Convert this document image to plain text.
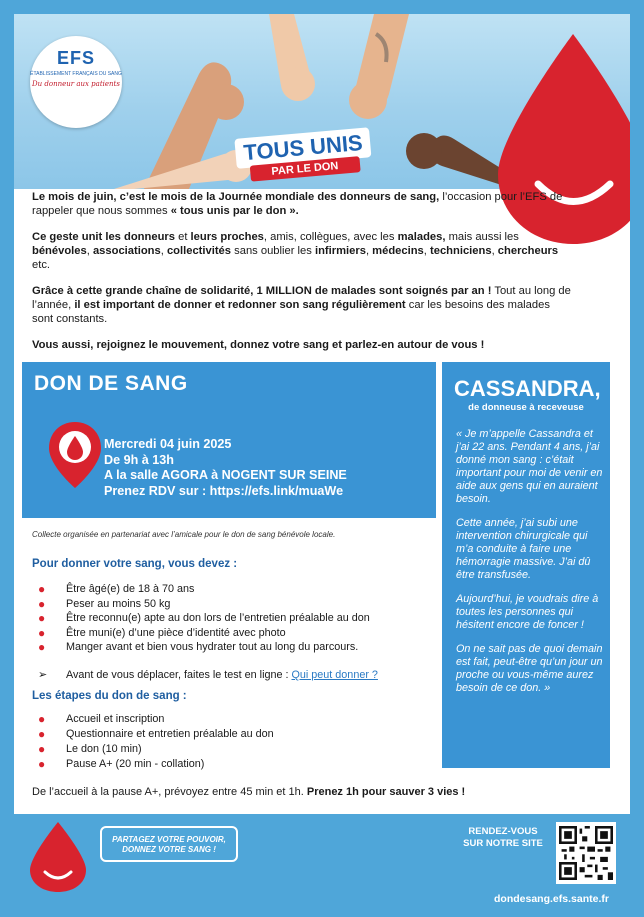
EFS
ÉTABLISSEMENT FRANÇAIS DU SANG
Du donneur aux patients
TOUS UNIS
PAR LE DON

Le mois de juin, c’est le mois de la Journée mondiale des donneurs de sang, l’occasion pour l’EFS de rappeler que nous sommes « tous unis par le don ».

Ce geste unit les donneurs et leurs proches, amis, collègues, avec les malades, mais aussi les bénévoles, associations, collectivités sans oublier les infirmiers, médecins, techniciens, chercheurs etc.

Grâce à cette grande chaîne de solidarité, 1 MILLION de malades sont soignés par an ! Tout au long de l’année, il est important de donner et redonner son sang régulièrement car les besoins des malades sont constants.

Vous aussi, rejoignez le mouvement, donnez votre sang et parlez-en autour de vous !

DON DE SANG
Mercredi 04 juin 2025
De 9h à 13h
A la salle AGORA à NOGENT SUR SEINE
Prenez RDV sur : https://efs.link/muaWe
Collecte organisée en partenariat avec l’amicale pour le don de sang bénévole locale.
CASSANDRA,
de donneuse à receveuse

« Je m’appelle Cassandra et j’ai 22 ans. Pendant 4 ans, j’ai donné mon sang : c’était important pour moi de venir en aide aux gens qui en auraient besoin.

Cette année, j’ai subi une intervention chirurgicale qui m’a conduite à faire une hémorragie massive. J’ai dû être transfusée.

Aujourd’hui, je voudrais dire à toutes les personnes qui hésitent encore de foncer !

On ne sait pas de quoi demain est fait, peut-être qu’un jour un proche ou vous-même aurez besoin de ce don. »

Pour donner votre sang, vous devez :
● Être âgé(e) de 18 à 70 ans
● Peser au moins 50 kg
● Être reconnu(e) apte au don lors de l’entretien préalable au don
● Être muni(e) d’une pièce d’identité avec photo
● Manger avant et bien vous hydrater tout au long du parcours.
➢ Avant de vous déplacer, faites le test en ligne : Qui peut donner ?
Les étapes du don de sang :
● Accueil et inscription
● Questionnaire et entretien préalable au don
● Le don (10 min)
● Pause A+ (20 min - collation)
De l’accueil à la pause A+, prévoyez entre 45 min et 1h. Prenez 1h pour sauver 3 vies !
PARTAGEZ VOTRE POUVOIR,
DONNEZ VOTRE SANG !
RENDEZ-VOUS
SUR NOTRE SITE
dondesang.efs.sante.fr
